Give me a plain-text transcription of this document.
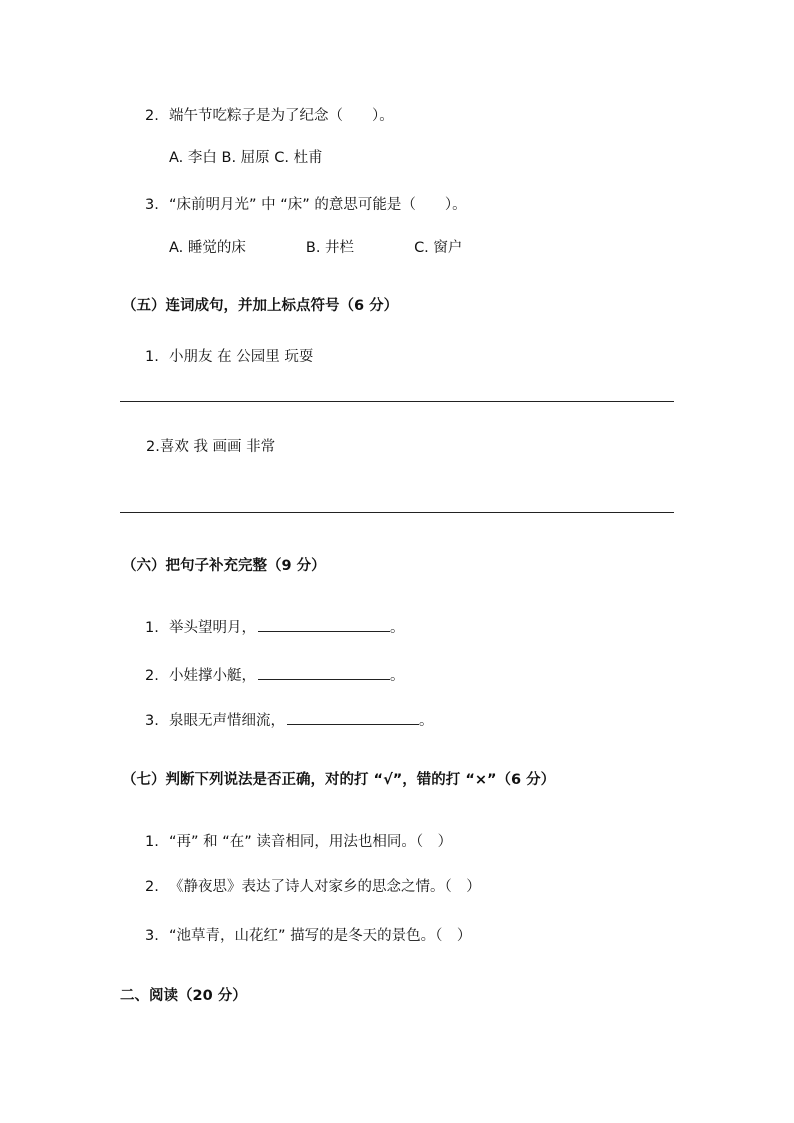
2. 端午节吃粽子是为了纪念（　　）。
A. 李白 B. 屈原 C. 杜甫
3. “床前明月光” 中 “床” 的意思可能是（　　）。
A. 睡觉的床	B. 井栏	C. 窗户
（五）连词成句，并加上标点符号（6 分）
1. 小朋友 在 公园里 玩耍
2.喜欢 我 画画 非常
（六）把句子补充完整（9 分）
1. 举头望明月，	。
2. 小娃撑小艇，	。
3. 泉眼无声惜细流，	。
（七）判断下列说法是否正确，对的打 “√”，错的打 “×”（6 分）
1. “再” 和 “在” 读音相同，用法也相同。（　）
2. 《静夜思》表达了诗人对家乡的思念之情。（　）
3. “池草青，山花红” 描写的是冬天的景色。（　）
二、阅读（20 分）
